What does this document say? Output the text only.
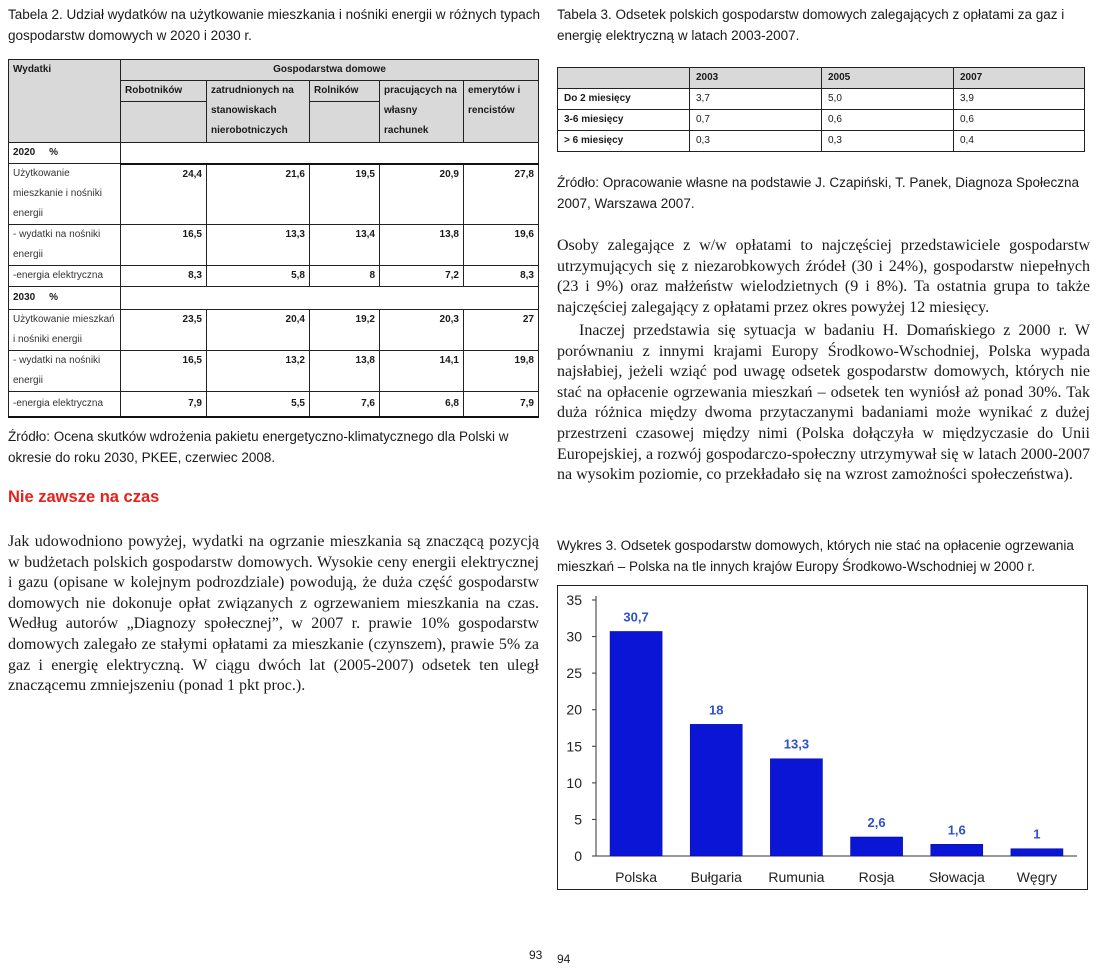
Tabela 2. Udział wydatków na użytkowanie mieszkania i nośniki energii w różnych typach gospodarstw domowych w 2020 i 2030 r.
Wydatki	Gospodarstwa domowe				
	Robotników	zatrudnionych na stanowiskach nierobotniczych	Rolników	pracujących na własny rachunek	emerytów i rencistów

2020 %					
Użytkowanie mieszkanie i nośniki energii	24,4	21,6	19,5	20,9	27,8
- wydatki na nośniki energii	16,5	13,3	13,4	13,8	19,6
-energia elektryczna	8,3	5,8	8	7,2	8,3
2030 %					
Użytkowanie mieszkań i nośniki energii	23,5	20,4	19,2	20,3	27
- wydatki na nośniki energii	16,5	13,2	13,8	14,1	19,8
-energia elektryczna	7,9	5,5	7,6	6,8	7,9
Źródło: Ocena skutków wdrożenia pakietu energetyczno-klimatycznego dla Polski w okresie do roku 2030, PKEE, czerwiec 2008.
Nie zawsze na czas
Jak udowodniono powyżej, wydatki na ogrzanie mieszkania są znaczącą pozycją w budżetach polskich gospodarstw domowych. Wysokie ceny energii elektrycznej i gazu (opisane w kolejnym podrozdziale) powodują, że duża część gospodarstw domowych nie dokonuje opłat związanych z ogrzewaniem mieszkania na czas. Według autorów „Diagnozy społecznej”, w 2007 r. prawie 10% gospodarstw domowych zalegało ze stałymi opłatami za mieszkanie (czynszem), prawie 5% za gaz i energię elektryczną. W ciągu dwóch lat (2005-2007) odsetek ten uległ znaczącemu zmniejszeniu (ponad 1 pkt proc.).
Tabela 3. Odsetek polskich gospodarstw domowych zalegających z opłatami za gaz i energię elektryczną w latach 2003-2007.
	2003	2005	2007
Do 2 miesięcy	3,7	5,0	3,9
3-6 miesięcy	0,7	0,6	0,6
> 6 miesięcy	0,3	0,3	0,4
Źródło: Opracowanie własne na podstawie J. Czapiński, T. Panek, Diagnoza Społeczna 2007, Warszawa 2007.
Osoby zalegające z w/w opłatami to najczęściej przedstawiciele gospodarstw utrzymujących się z niezarobkowych źródeł (30 i 24%), gospodarstw niepełnych (23 i 9%) oraz małżeństw wielodzietnych (9 i 8%). Ta ostatnia grupa to także najczęściej zalegający z opłatami przez okres powyżej 12 miesięcy.
Inaczej przedstawia się sytuacja w badaniu H. Domańskiego z 2000 r. W porównaniu z innymi krajami Europy Środkowo-Wschodniej, Polska wypada najsłabiej, jeżeli wziąć pod uwagę odsetek gospodarstw domowych, których nie stać na opłacenie ogrzewania mieszkań – odsetek ten wyniósł aż ponad 30%. Tak duża różnica między dwoma przytaczanymi badaniami może wynikać z dużej przestrzeni czasowej między nimi (Polska dołączyła w międzyczasie do Unii Europejskiej, a rozwój gospodarczo-społeczny utrzymywał się w latach 2000-2007 na wysokim poziomie, co przekładało się na wzrost zamożności społeczeństwa).
Wykres 3. Odsetek gospodarstw domowych, których nie stać na opłacenie ogrzewania mieszkań – Polska na tle innych krajów Europy Środkowo-Wschodniej w 2000 r.
0
5
10
15
20
25
30
35
30,7
Polska
18
Bułgaria
13,3
Rumunia
2,6
Rosja
1,6
Słowacja
1
Węgry
93 94
